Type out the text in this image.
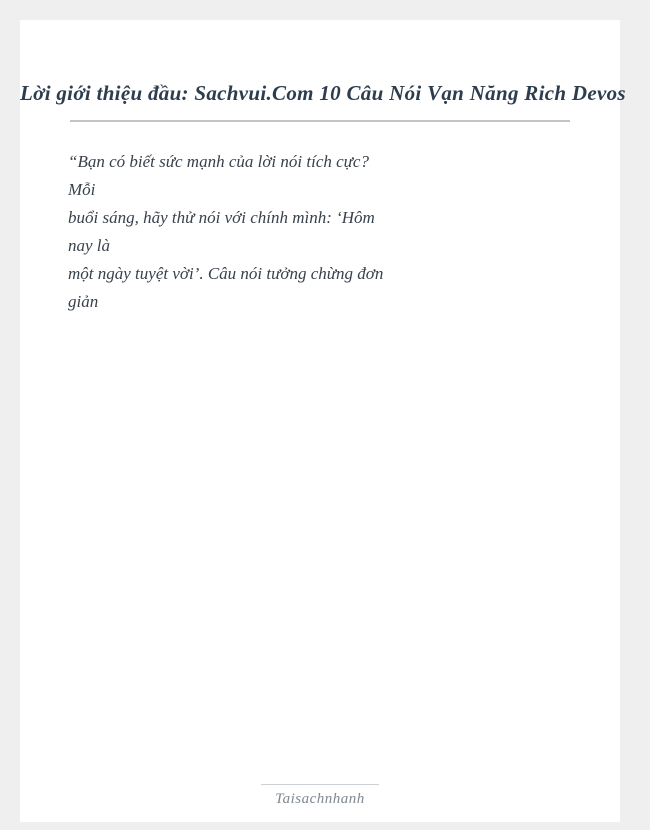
Lời giới thiệu đầu: Sachvui.Com 10 Câu Nói Vạn Năng Rich Devos

“Bạn có biết sức mạnh của lời nói tích cực?

Mỗi

buổi sáng, hãy thử nói với chính mình: ‘Hôm

nay là

một ngày tuyệt vời’. Câu nói tưởng chừng đơn

giản

Taisachnhanh
